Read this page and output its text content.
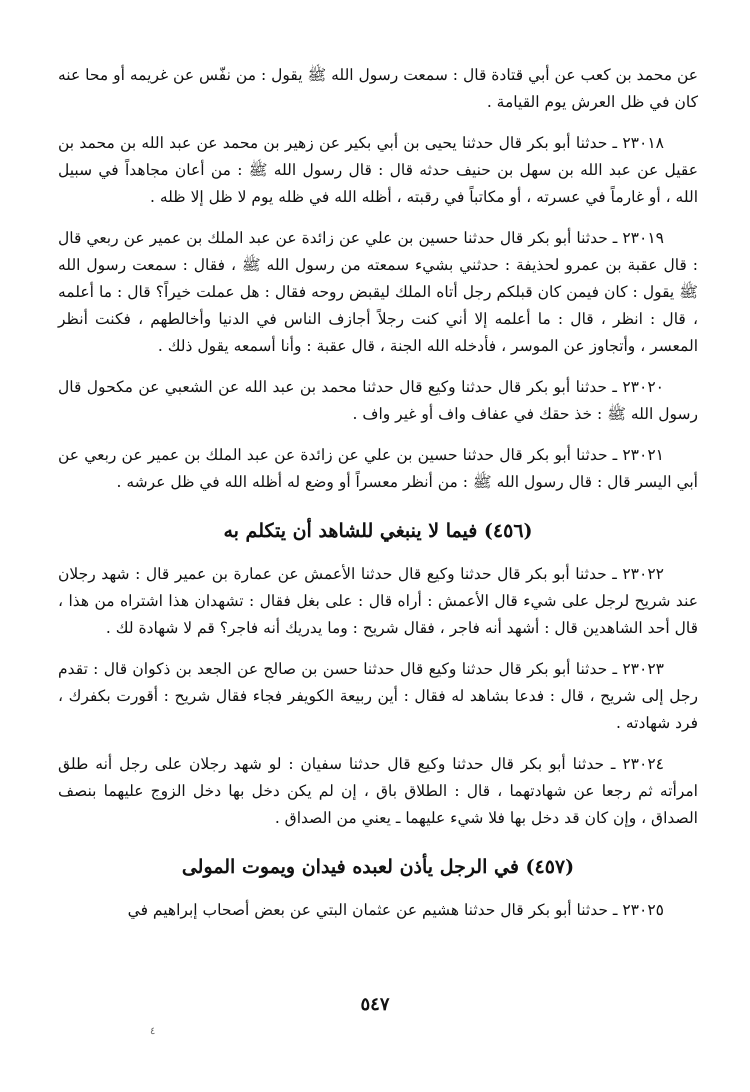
عن محمد بن كعب عن أبي قتادة قال : سمعت رسول الله ﷺ يقول : من نفّس عن غريمه أو محا عنه كان في ظل العرش يوم القيامة .

٢٣٠١٨ ـ حدثنا أبو بكر قال حدثنا يحيى بن أبي بكير عن زهير بن محمد عن عبد الله بن محمد بن عقيل عن عبد الله بن سهل بن حنيف حدثه قال : قال رسول الله ﷺ : من أعان مجاهداً في سبيل الله ، أو غارماً في عسرته ، أو مكاتباً في رقبته ، أظله الله في ظله يوم لا ظل إلا ظله .

٢٣٠١٩ ـ حدثنا أبو بكر قال حدثنا حسين بن علي عن زائدة عن عبد الملك بن عمير عن ربعي قال : قال عقبة بن عمرو لحذيفة : حدثني بشيء سمعته من رسول الله ﷺ ، فقال : سمعت رسول الله ﷺ يقول : كان فيمن كان قبلكم رجل أتاه الملك ليقبض روحه فقال : هل عملت خيراً؟ قال : ما أعلمه ، قال : انظر ، قال : ما أعلمه إلا أني كنت رجلاً أجازف الناس في الدنيا وأخالطهم ، فكنت أنظر المعسر ، وأتجاوز عن الموسر ، فأدخله الله الجنة ، قال عقبة : وأنا أسمعه يقول ذلك .

٢٣٠٢٠ ـ حدثنا أبو بكر قال حدثنا وكيع قال حدثنا محمد بن عبد الله عن الشعبي عن مكحول قال رسول الله ﷺ : خذ حقك في عفاف واف أو غير واف .

٢٣٠٢١ ـ حدثنا أبو بكر قال حدثنا حسين بن علي عن زائدة عن عبد الملك بن عمير عن ربعي عن أبي اليسر قال : قال رسول الله ﷺ : من أنظر معسراً أو وضع له أظله الله في ظل عرشه .

(٤٥٦) فيما لا ينبغي للشاهد أن يتكلم به

٢٣٠٢٢ ـ حدثنا أبو بكر قال حدثنا وكيع قال حدثنا الأعمش عن عمارة بن عمير قال : شهد رجلان عند شريح لرجل على شيء قال الأعمش : أراه قال : على بغل فقال : تشهدان هذا اشتراه من هذا ، قال أحد الشاهدين قال : أشهد أنه فاجر ، فقال شريح : وما يدريك أنه فاجر؟ قم لا شهادة لك .

٢٣٠٢٣ ـ حدثنا أبو بكر قال حدثنا وكيع قال حدثنا حسن بن صالح عن الجعد بن ذكوان قال : تقدم رجل إلى شريح ، قال : فدعا بشاهد له فقال : أين ربيعة الكويفر فجاء فقال شريح : أقورت بكفرك ، فرد شهادته .

٢٣٠٢٤ ـ حدثنا أبو بكر قال حدثنا وكيع قال حدثنا سفيان : لو شهد رجلان على رجل أنه طلق امرأته ثم رجعا عن شهادتهما ، قال : الطلاق باق ، إن لم يكن دخل بها دخل الزوج عليهما بنصف الصداق ، وإن كان قد دخل بها فلا شيء عليهما ـ يعني من الصداق .

(٤٥٧) في الرجل يأذن لعبده فيدان ويموت المولى

٢٣٠٢٥ ـ حدثنا أبو بكر قال حدثنا هشيم عن عثمان البتي عن بعض أصحاب إبراهيم في

٥٤٧
٤
